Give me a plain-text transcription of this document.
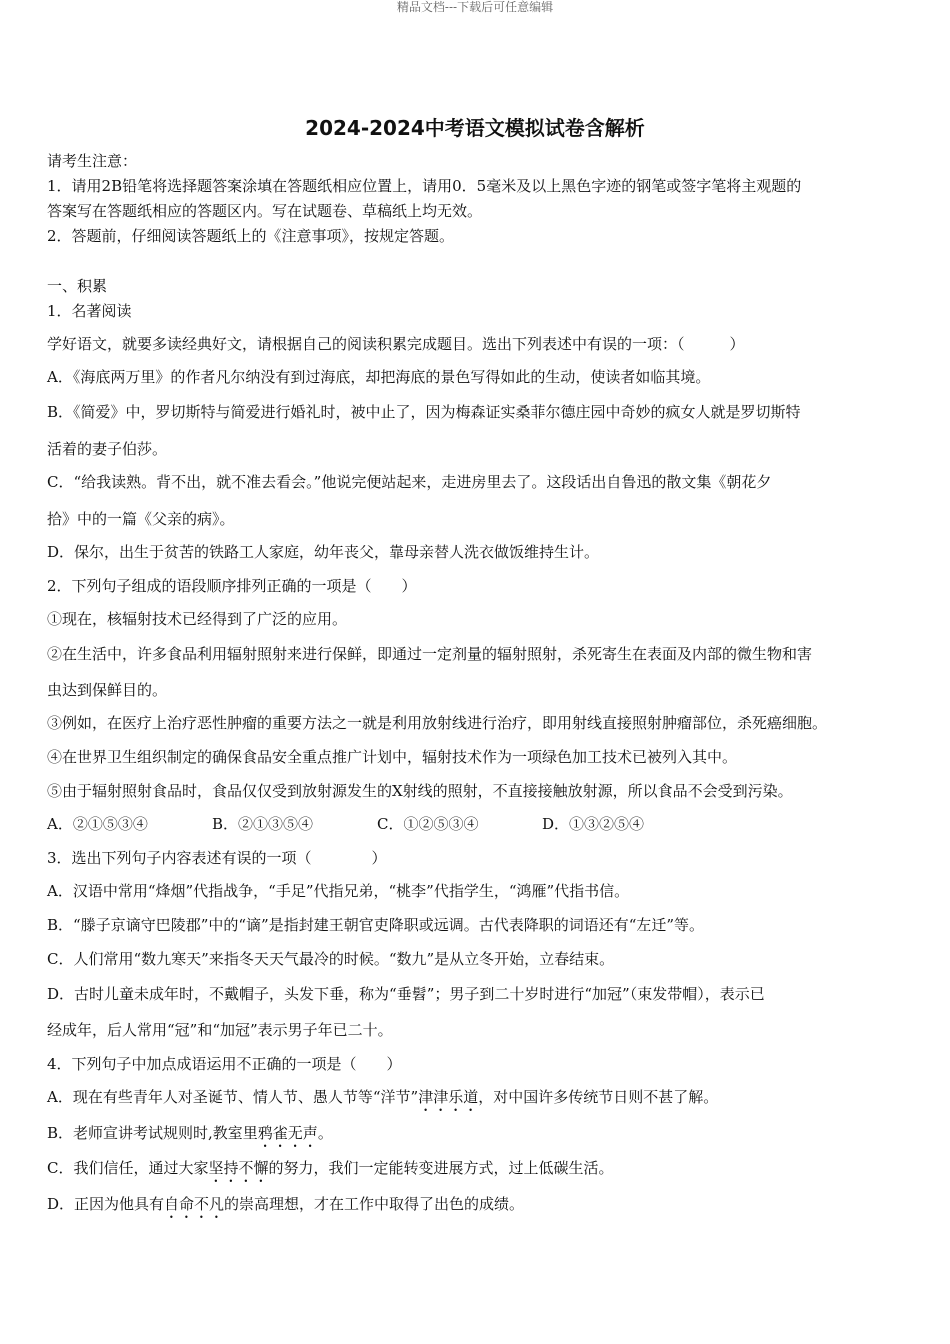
精品文档---下载后可任意编辑
2024-2024中考语文模拟试卷含解析
请考生注意：
1．请用2B铅笔将选择题答案涂填在答题纸相应位置上，请用0．5毫米及以上黑色字迹的钢笔或签字笔将主观题的
答案写在答题纸相应的答题区内。写在试题卷、草稿纸上均无效。
2．答题前，仔细阅读答题纸上的《注意事项》，按规定答题。
一、积累
1．名著阅读
学好语文，就要多读经典好文，请根据自己的阅读积累完成题目。选出下列表述中有误的一项：（　　　）
A．《海底两万里》的作者凡尔纳没有到过海底，却把海底的景色写得如此的生动，使读者如临其境。
B．《简爱》中，罗切斯特与简爱进行婚礼时，被中止了，因为梅森证实桑菲尔德庄园中奇妙的疯女人就是罗切斯特
活着的妻子伯莎。
C．“给我读熟。背不出，就不准去看会。”他说完便站起来，走进房里去了。这段话出自鲁迅的散文集《朝花夕
拾》中的一篇《父亲的病》。
D．保尔，出生于贫苦的铁路工人家庭，幼年丧父，靠母亲替人洗衣做饭维持生计。
2．下列句子组成的语段顺序排列正确的一项是（　　）
①现在，核辐射技术已经得到了广泛的应用。
②在生活中，许多食品利用辐射照射来进行保鲜，即通过一定剂量的辐射照射，杀死寄生在表面及内部的微生物和害
虫达到保鲜目的。
③例如，在医疗上治疗恶性肿瘤的重要方法之一就是利用放射线进行治疗，即用射线直接照射肿瘤部位，杀死癌细胞。
④在世界卫生组织制定的确保食品安全重点推广计划中，辐射技术作为一项绿色加工技术已被列入其中。
⑤由于辐射照射食品时，食品仅仅受到放射源发生的X射线的照射，不直接接触放射源，所以食品不会受到污染。
A．②①⑤③④	B．②①③⑤④	C．①②⑤③④	D．①③②⑤④
3．选出下列句子内容表述有误的一项（　　　　）
A．汉语中常用“烽烟”代指战争，“手足”代指兄弟，“桃李”代指学生，“鸿雁”代指书信。
B．“滕子京谪守巴陵郡”中的“谪”是指封建王朝官吏降职或远调。古代表降职的词语还有“左迁”等。
C．人们常用“数九寒天”来指冬天天气最冷的时候。“数九”是从立冬开始，立春结束。
D．古时儿童未成年时，不戴帽子，头发下垂，称为“垂髫”；男子到二十岁时进行“加冠”（束发带帽），表示已
经成年，后人常用“冠”和“加冠”表示男子年已二十。
4．下列句子中加点成语运用不正确的一项是（　　）
A．现在有些青年人对圣诞节、情人节、愚人节等“洋节”津津乐道，对中国许多传统节日则不甚了解。
B．老师宣讲考试规则时,教室里鸦雀无声。
C．我们信任，通过大家坚持不懈的努力，我们一定能转变进展方式，过上低碳生活。
D．正因为他具有自命不凡的崇高理想，才在工作中取得了出色的成绩。
